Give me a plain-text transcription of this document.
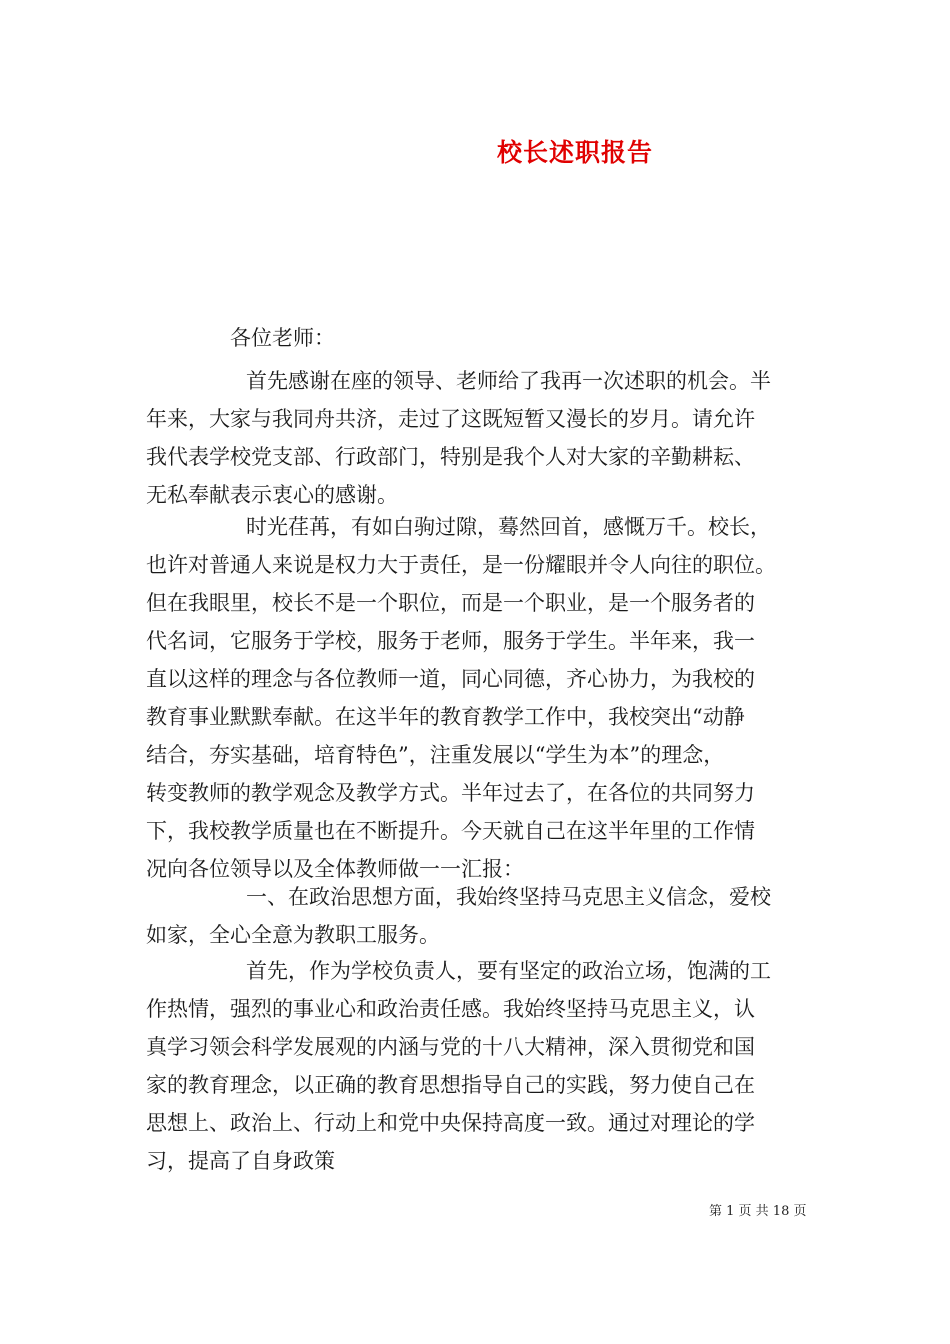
校长述职报告
各位老师：
首先感谢在座的领导、老师给了我再一次述职的机会。半
年来，大家与我同舟共济，走过了这既短暂又漫长的岁月。请允许
我代表学校党支部、行政部门，特别是我个人对大家的辛勤耕耘、
无私奉献表示衷心的感谢。
时光荏苒，有如白驹过隙，蓦然回首，感慨万千。校长，
也许对普通人来说是权力大于责任，是一份耀眼并令人向往的职位。
但在我眼里，校长不是一个职位，而是一个职业，是一个服务者的
代名词，它服务于学校，服务于老师，服务于学生。半年来，我一
直以这样的理念与各位教师一道，同心同德，齐心协力，为我校的
教育事业默默奉献。在这半年的教育教学工作中，我校突出“动静
结合，夯实基础，培育特色”，注重发展以“学生为本”的理念，
转变教师的教学观念及教学方式。半年过去了，在各位的共同努力
下，我校教学质量也在不断提升。今天就自己在这半年里的工作情
况向各位领导以及全体教师做一一汇报：
一、在政治思想方面，我始终坚持马克思主义信念，爱校
如家，全心全意为教职工服务。
首先，作为学校负责人，要有坚定的政治立场，饱满的工
作热情，强烈的事业心和政治责任感。我始终坚持马克思主义，认
真学习领会科学发展观的内涵与党的十八大精神，深入贯彻党和国
家的教育理念，以正确的教育思想指导自己的实践，努力使自己在
思想上、政治上、行动上和党中央保持高度一致。通过对理论的学
习，提高了自身政策
第 1 页 共 18 页
